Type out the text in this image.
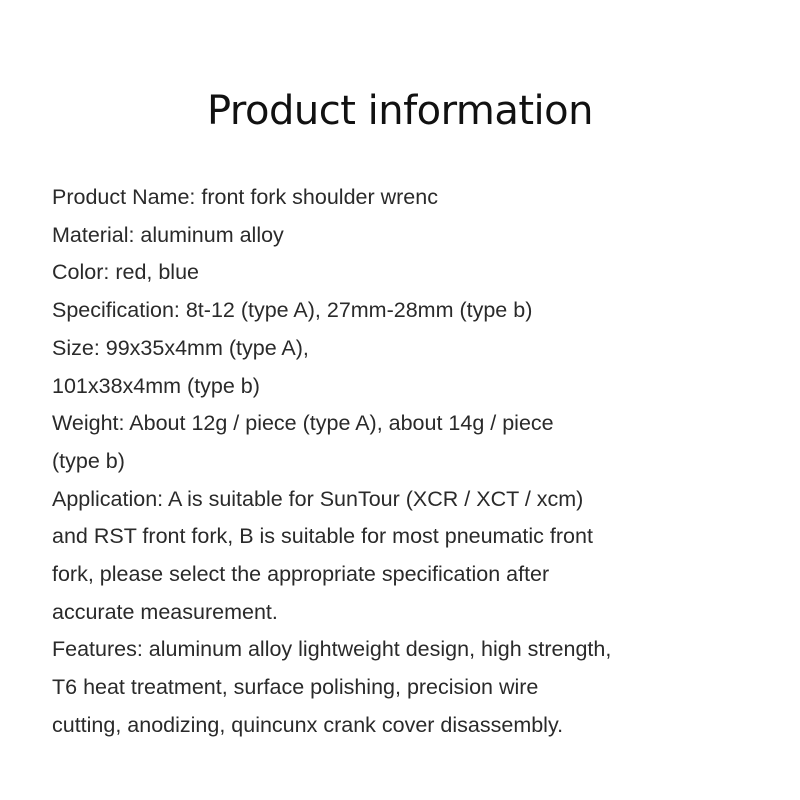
Product information
Product Name: front fork shoulder wrenc
Material: aluminum alloy
Color: red, blue
Specification: 8t-12 (type A), 27mm-28mm (type b)
Size: 99x35x4mm (type A),
101x38x4mm (type b)
Weight: About 12g / piece (type A), about 14g / piece
(type b)
Application: A is suitable for SunTour (XCR / XCT / xcm)
and RST front fork, B is suitable for most pneumatic front
fork, please select the appropriate specification after
accurate measurement.
Features: aluminum alloy lightweight design, high strength,
T6 heat treatment, surface polishing, precision wire
cutting, anodizing, quincunx crank cover disassembly.
